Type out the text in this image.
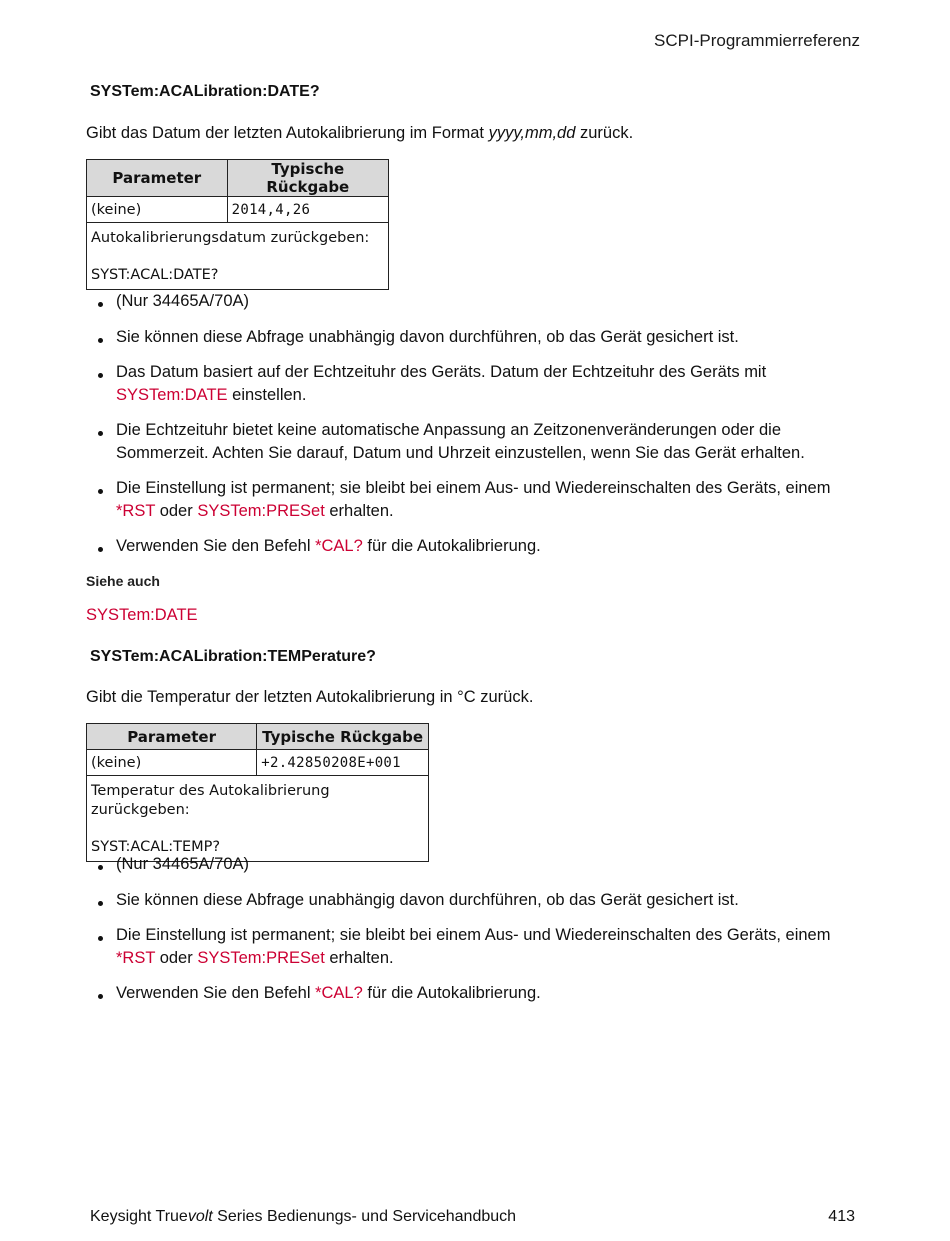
SCPI-Programmierreferenz
SYSTem:ACALibration:DATE?
Gibt das Datum der letzten Autokalibrierung im Format yyyy,mm,dd zurück.
Parameter	Typische Rückgabe
(keine)	2014,4,26
Autokalibrierungsdatum zurückgeben:
SYST:ACAL:DATE?	
(Nur 34465A/70A)
Sie können diese Abfrage unabhängig davon durchführen, ob das Gerät gesichert ist.
Das Datum basiert auf der Echtzeituhr des Geräts. Datum der Echtzeituhr des Geräts mit SYSTem:DATE einstellen.
Die Echtzeituhr bietet keine automatische Anpassung an Zeitzonenveränderungen oder die Sommerzeit. Achten Sie darauf, Datum und Uhrzeit einzustellen, wenn Sie das Gerät erhalten.
Die Einstellung ist permanent; sie bleibt bei einem Aus- und Wiedereinschalten des Geräts, einem *RST oder SYSTem:PRESet erhalten.
Verwenden Sie den Befehl *CAL? für die Autokalibrierung.
Siehe auch
SYSTem:DATE
SYSTem:ACALibration:TEMPerature?
Gibt die Temperatur der letzten Autokalibrierung in °C zurück.
Parameter	Typische Rückgabe
(keine)	+2.42850208E+001
Temperatur des Autokalibrierung zurückgeben:
SYST:ACAL:TEMP?	
(Nur 34465A/70A)
Sie können diese Abfrage unabhängig davon durchführen, ob das Gerät gesichert ist.
Die Einstellung ist permanent; sie bleibt bei einem Aus- und Wiedereinschalten des Geräts, einem *RST oder SYSTem:PRESet erhalten.
Verwenden Sie den Befehl *CAL? für die Autokalibrierung.
Keysight Truevolt Series Bedienungs- und Servicehandbuch	413
